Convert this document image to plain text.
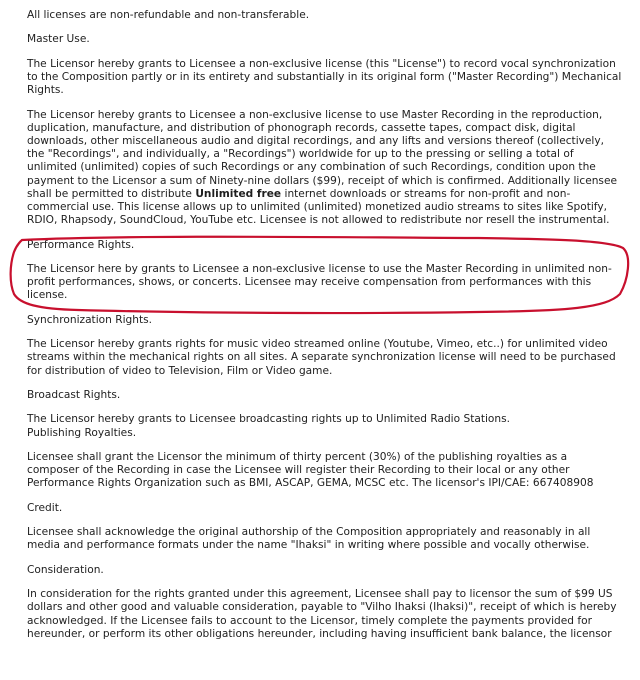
All licenses are non-refundable and non-transferable.

Master Use.

The Licensor hereby grants to Licensee a non-exclusive license (this "License") to record vocal synchronization to the Composition partly or in its entirety and substantially in its original form ("Master Recording") Mechanical Rights.

The Licensor hereby grants to Licensee a non-exclusive license to use Master Recording in the reproduction, duplication, manufacture, and distribution of phonograph records, cassette tapes, compact disk, digital downloads, other miscellaneous audio and digital recordings, and any lifts and versions thereof (collectively, the "Recordings", and individually, a "Recordings") worldwide for up to the pressing or selling a total of unlimited (unlimited) copies of such Recordings or any combination of such Recordings, condition upon the payment to the Licensor a sum of Ninety-nine dollars ($99), receipt of which is confirmed. Additionally licensee shall be permitted to distribute Unlimited free internet downloads or streams for non-profit and non-commercial use. This license allows up to unlimited (unlimited) monetized audio streams to sites like Spotify, RDIO, Rhapsody, SoundCloud, YouTube etc. Licensee is not allowed to redistribute nor resell the instrumental.

Performance Rights.

The Licensor here by grants to Licensee a non-exclusive license to use the Master Recording in unlimited non-profit performances, shows, or concerts. Licensee may receive compensation from performances with this license.

Synchronization Rights.

The Licensor hereby grants rights for music video streamed online (Youtube, Vimeo, etc..) for unlimited video streams within the mechanical rights on all sites. A separate synchronization license will need to be purchased for distribution of video to Television, Film or Video game.

Broadcast Rights.

The Licensor hereby grants to Licensee broadcasting rights up to Unlimited Radio Stations.

Publishing Royalties.

Licensee shall grant the Licensor the minimum of thirty percent (30%) of the publishing royalties as a composer of the Recording in case the Licensee will register their Recording to their local or any other Performance Rights Organization such as BMI, ASCAP, GEMA, MCSC etc. The licensor's IPI/CAE: 667408908

Credit.

Licensee shall acknowledge the original authorship of the Composition appropriately and reasonably in all media and performance formats under the name "Ihaksi" in writing where possible and vocally otherwise.

Consideration.

In consideration for the rights granted under this agreement, Licensee shall pay to licensor the sum of $99 US dollars and other good and valuable consideration, payable to "Vilho Ihaksi (Ihaksi)", receipt of which is hereby acknowledged. If the Licensee fails to account to the Licensor, timely complete the payments provided for hereunder, or perform its other obligations hereunder, including having insufficient bank balance, the licensor
